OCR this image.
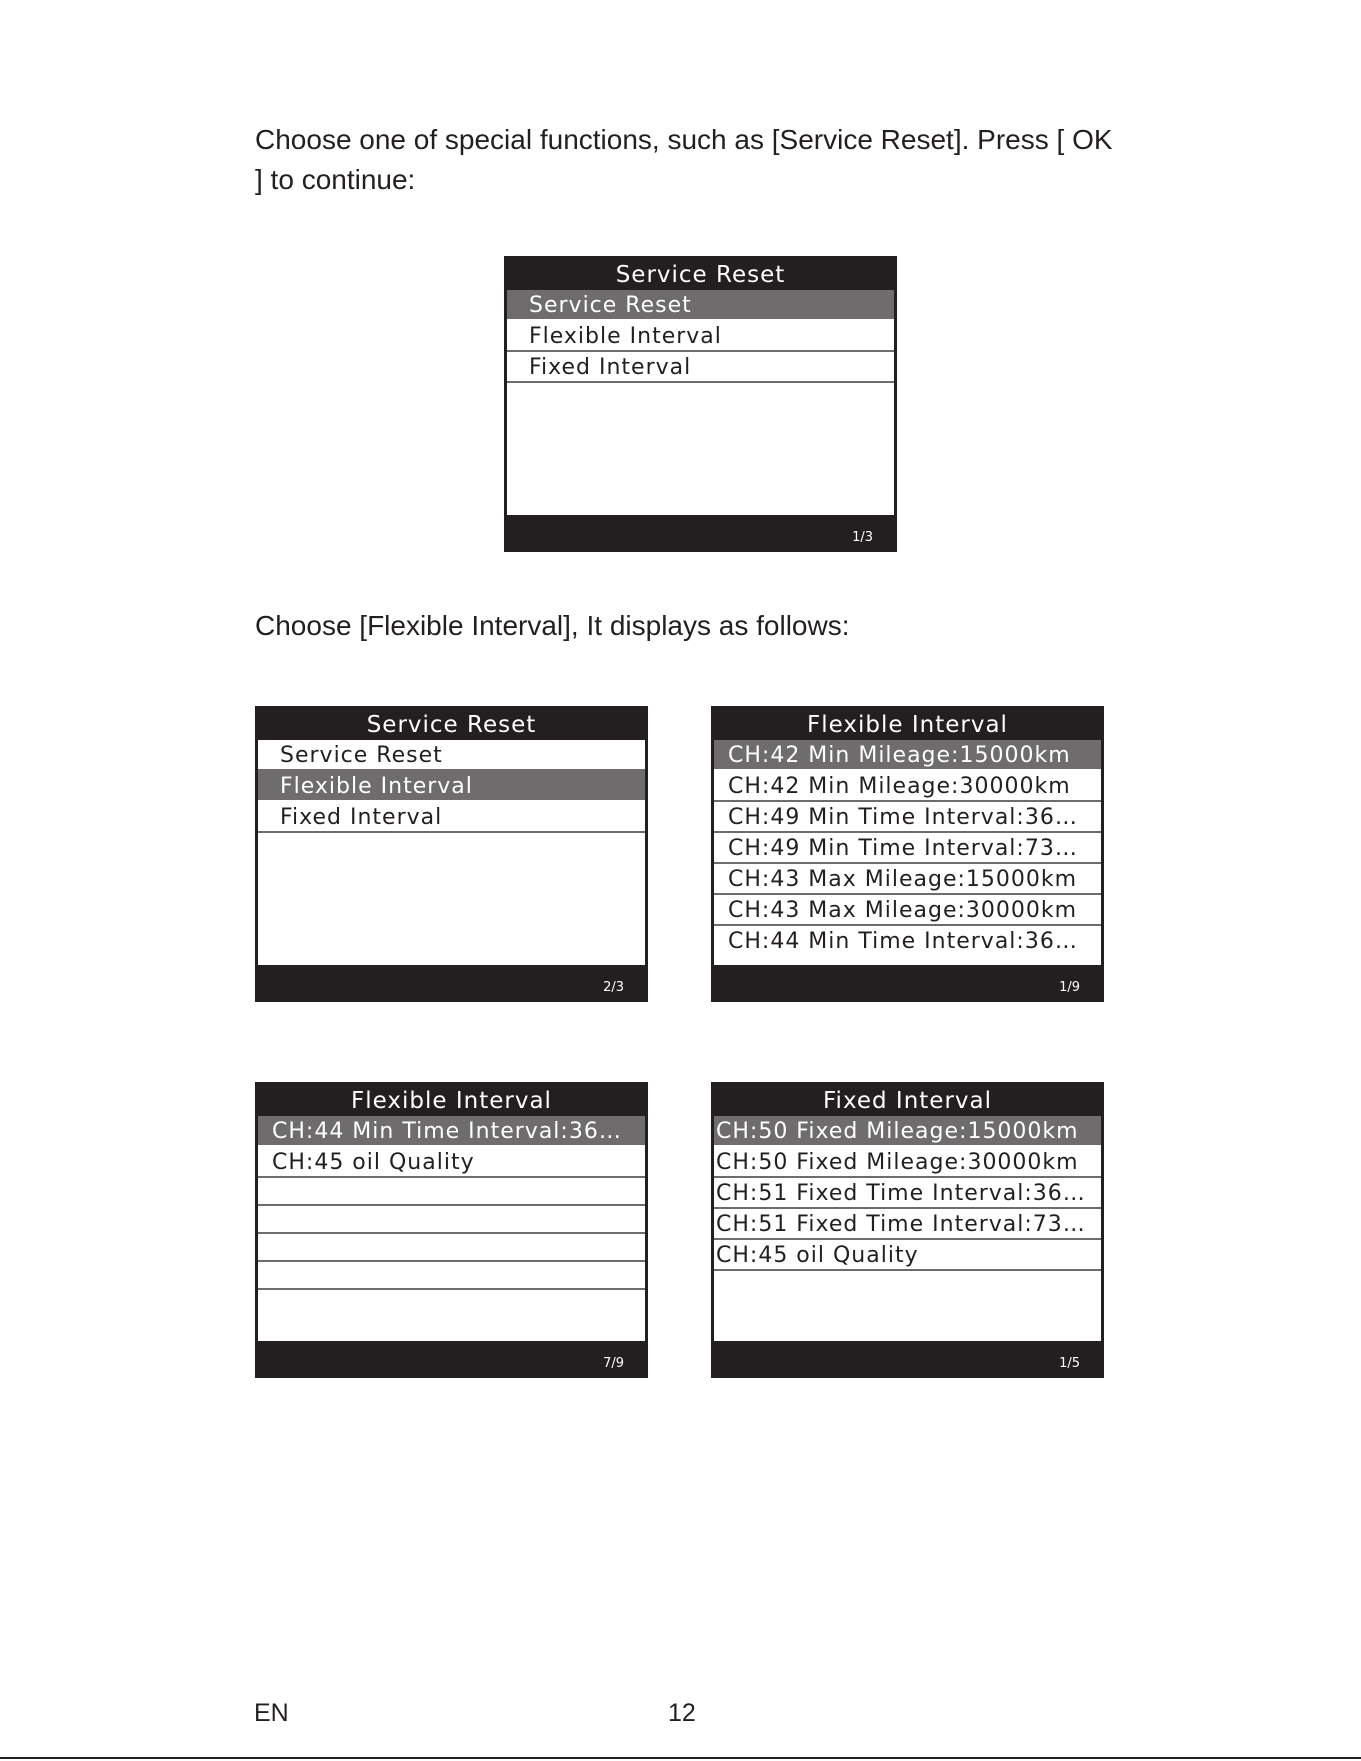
Choose one of special functions, such as [Service Reset]. Press [ OK ] to continue:

Service Reset
Service Reset
Flexible Interval
Fixed Interval
1/3

Choose [Flexible Interval], It displays as follows:

Service Reset
Service Reset
Flexible Interval
Fixed Interval
2/3
Flexible Interval
CH:42 Min Mileage:15000km
CH:42 Min Mileage:30000km
CH:49 Min Time Interval:36…
CH:49 Min Time Interval:73…
CH:43 Max Mileage:15000km
CH:43 Max Mileage:30000km
CH:44 Min Time Interval:36…
1/9
Flexible Interval
CH:44 Min Time Interval:36…
CH:45 oil Quality
7/9
Fixed Interval
CH:50 Fixed Mileage:15000km
CH:50 Fixed Mileage:30000km
CH:51 Fixed Time Interval:36…
CH:51 Fixed Time Interval:73…
CH:45 oil Quality
1/5
EN	12
